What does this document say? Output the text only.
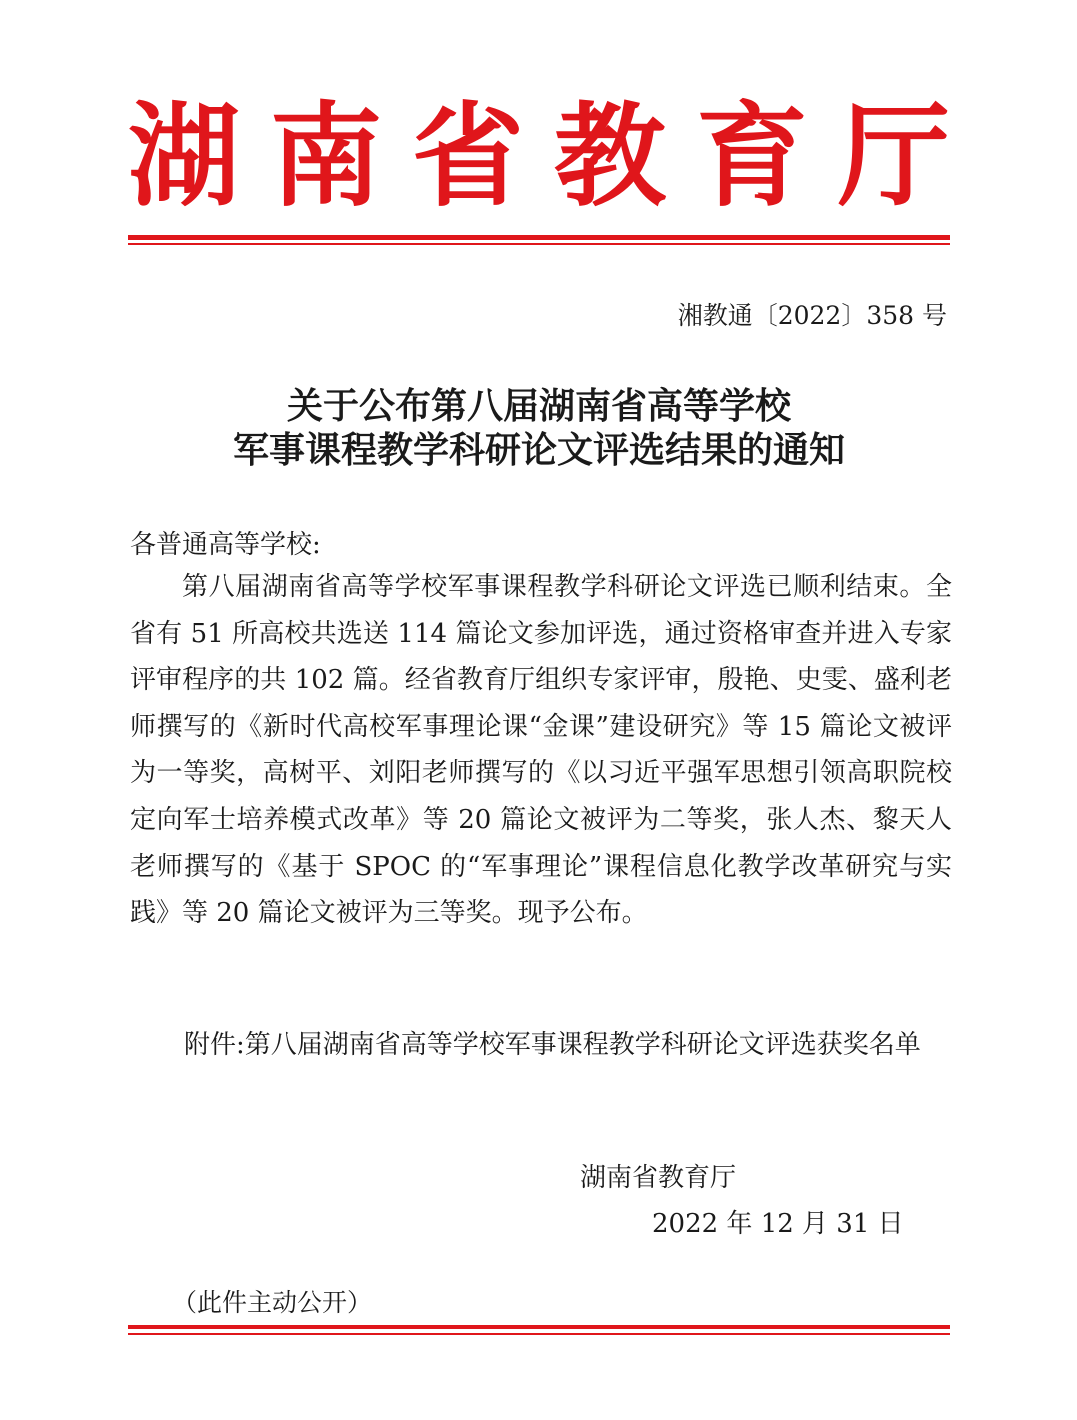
湖南省教育厅
湘教通〔2022〕358 号
关于公布第八届湖南省高等学校
军事课程教学科研论文评选结果的通知
各普通高等学校:

第八届湖南省高等学校军事课程教学科研论文评选已顺利结束。全省有 51 所高校共选送 114 篇论文参加评选，通过资格审查并进入专家评审程序的共 102 篇。经省教育厅组织专家评审，殷艳、史雯、盛利老师撰写的《新时代高校军事理论课“金课”建设研究》等 15 篇论文被评为一等奖，高树平、刘阳老师撰写的《以习近平强军思想引领高职院校定向军士培养模式改革》等 20 篇论文被评为二等奖，张人杰、黎天人老师撰写的《基于 SPOC 的“军事理论”课程信息化教学改革研究与实践》等 20 篇论文被评为三等奖。现予公布。

附件: 第八届湖南省高等学校军事课程教学科研论文评选获奖名单
湖南省教育厅
2022 年 12 月 31 日
（此件主动公开）
